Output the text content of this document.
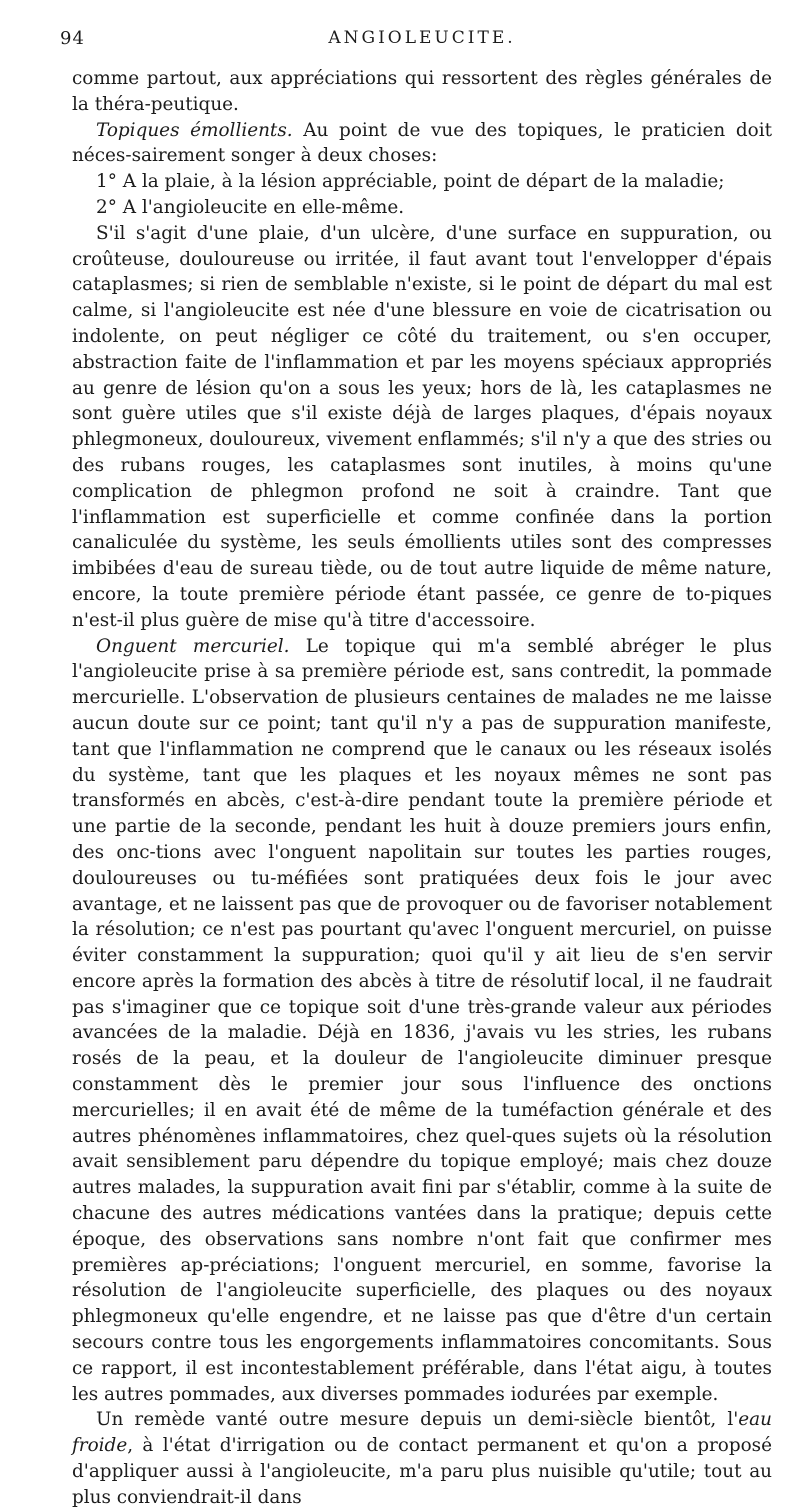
94	ANGIOLEUCITE.

comme partout, aux appréciations qui ressortent des règles générales de la théra-peutique.

Topiques émollients. Au point de vue des topiques, le praticien doit néces-sairement songer à deux choses:

1° A la plaie, à la lésion appréciable, point de départ de la maladie;

2° A l'angioleucite en elle-même.

S'il s'agit d'une plaie, d'un ulcère, d'une surface en suppuration, ou croûteuse, douloureuse ou irritée, il faut avant tout l'envelopper d'épais cataplasmes; si rien de semblable n'existe, si le point de départ du mal est calme, si l'angioleucite est née d'une blessure en voie de cicatrisation ou indolente, on peut négliger ce côté du traitement, ou s'en occuper, abstraction faite de l'inflammation et par les moyens spéciaux appropriés au genre de lésion qu'on a sous les yeux; hors de là, les cataplasmes ne sont guère utiles que s'il existe déjà de larges plaques, d'épais noyaux phlegmoneux, douloureux, vivement enflammés; s'il n'y a que des stries ou des rubans rouges, les cataplasmes sont inutiles, à moins qu'une complication de phlegmon profond ne soit à craindre. Tant que l'inflammation est superficielle et comme confinée dans la portion canaliculée du système, les seuls émollients utiles sont des compresses imbibées d'eau de sureau tiède, ou de tout autre liquide de même nature, encore, la toute première période étant passée, ce genre de to-piques n'est-il plus guère de mise qu'à titre d'accessoire.

Onguent mercuriel. Le topique qui m'a semblé abréger le plus l'angioleucite prise à sa première période est, sans contredit, la pommade mercurielle. L'observation de plusieurs centaines de malades ne me laisse aucun doute sur ce point; tant qu'il n'y a pas de suppuration manifeste, tant que l'inflammation ne comprend que le canaux ou les réseaux isolés du système, tant que les plaques et les noyaux mêmes ne sont pas transformés en abcès, c'est-à-dire pendant toute la première période et une partie de la seconde, pendant les huit à douze premiers jours enfin, des onc-tions avec l'onguent napolitain sur toutes les parties rouges, douloureuses ou tu-méfiées sont pratiquées deux fois le jour avec avantage, et ne laissent pas que de provoquer ou de favoriser notablement la résolution; ce n'est pas pourtant qu'avec l'onguent mercuriel, on puisse éviter constamment la suppuration; quoi qu'il y ait lieu de s'en servir encore après la formation des abcès à titre de résolutif local, il ne faudrait pas s'imaginer que ce topique soit d'une très-grande valeur aux périodes avancées de la maladie. Déjà en 1836, j'avais vu les stries, les rubans rosés de la peau, et la douleur de l'angioleucite diminuer presque constamment dès le premier jour sous l'influence des onctions mercurielles; il en avait été de même de la tuméfaction générale et des autres phénomènes inflammatoires, chez quel-ques sujets où la résolution avait sensiblement paru dépendre du topique employé; mais chez douze autres malades, la suppuration avait fini par s'établir, comme à la suite de chacune des autres médications vantées dans la pratique; depuis cette époque, des observations sans nombre n'ont fait que confirmer mes premières ap-préciations; l'onguent mercuriel, en somme, favorise la résolution de l'angioleucite superficielle, des plaques ou des noyaux phlegmoneux qu'elle engendre, et ne laisse pas que d'être d'un certain secours contre tous les engorgements inflammatoires concomitants. Sous ce rapport, il est incontestablement préférable, dans l'état aigu, à toutes les autres pommades, aux diverses pommades iodurées par exemple.

Un remède vanté outre mesure depuis un demi-siècle bientôt, l'eau froide, à l'état d'irrigation ou de contact permanent et qu'on a proposé d'appliquer aussi à l'angioleucite, m'a paru plus nuisible qu'utile; tout au plus conviendrait-il dans
